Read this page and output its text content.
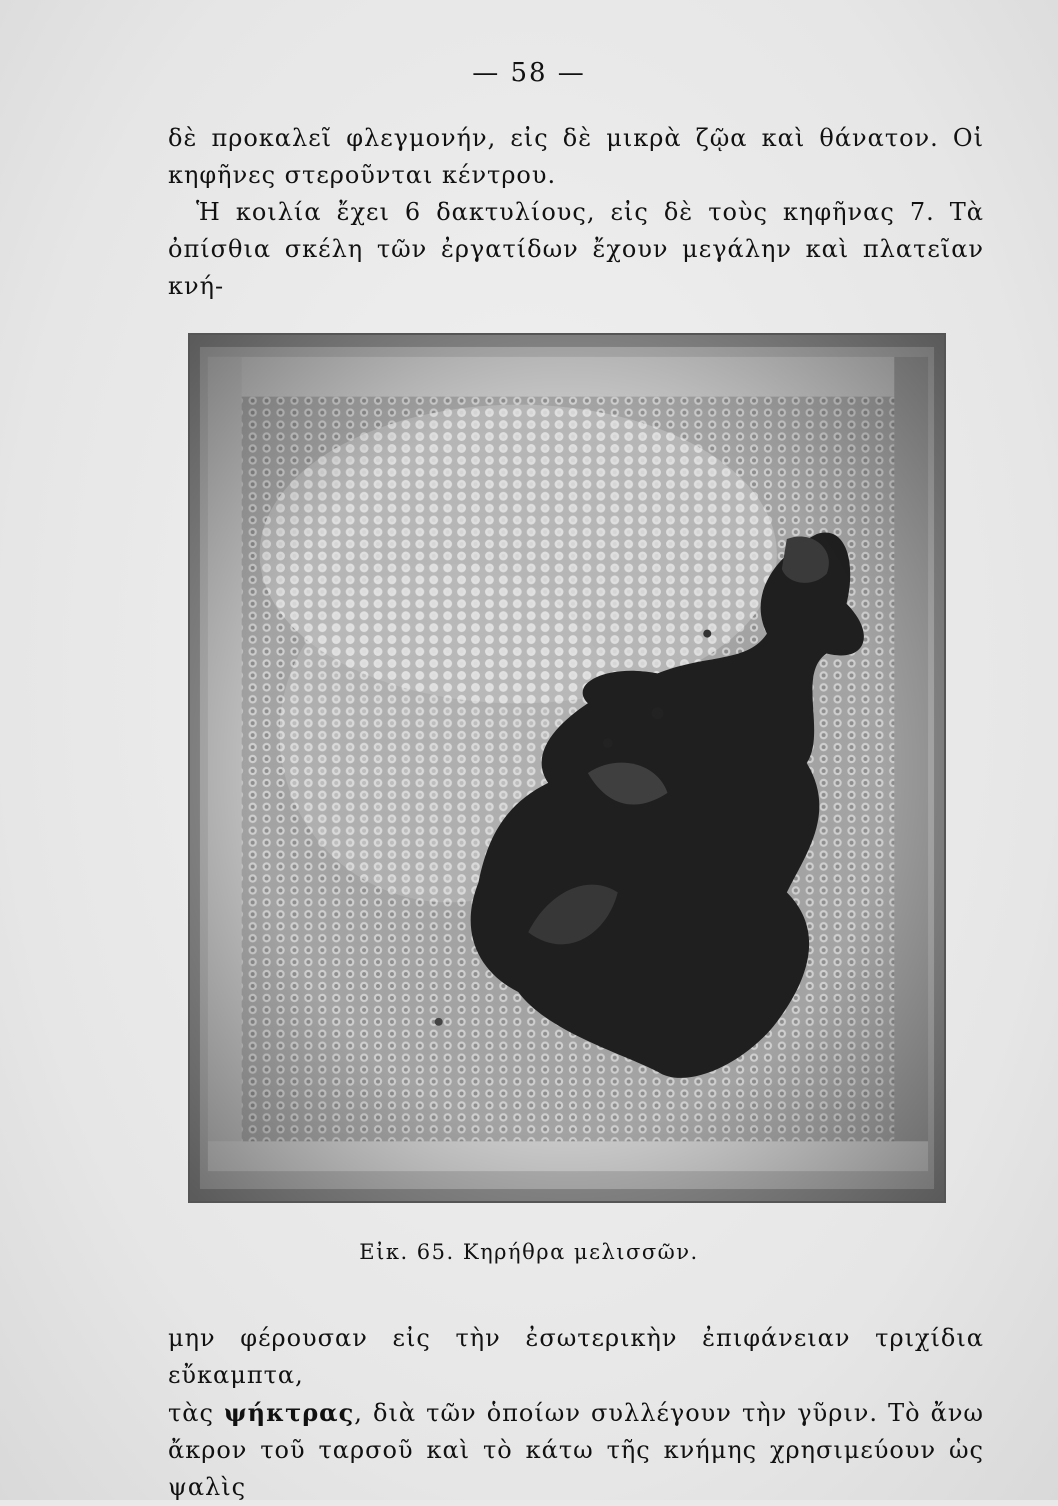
— 58 —

δὲ προκαλεῖ φλεγμονήν, εἰς δὲ μικρὰ ζῷα καὶ θάνατον. Οἱ

κηφῆνες στεροῦνται κέντρου.

Ἡ κοιλία ἔχει 6 δακτυλίους, εἰς δὲ τοὺς κηφῆνας 7. Τὰ

ὀπίσθια σκέλη τῶν ἐργατίδων ἔχουν μεγάλην καὶ πλατεῖαν κνή-

Εἰκ. 65. Κηρήθρα μελισσῶν.

μην φέρουσαν εἰς τὴν ἐσωτερικὴν ἐπιφάνειαν τριχίδια εὔκαμπτα,

τὰς ψήκτρας, διὰ τῶν ὁποίων συλλέγουν τὴν γῦριν. Τὸ ἄνω

ἄκρον τοῦ ταρσοῦ καὶ τὸ κάτω τῆς κνήμης χρησιμεύουν ὡς ψαλὶς
